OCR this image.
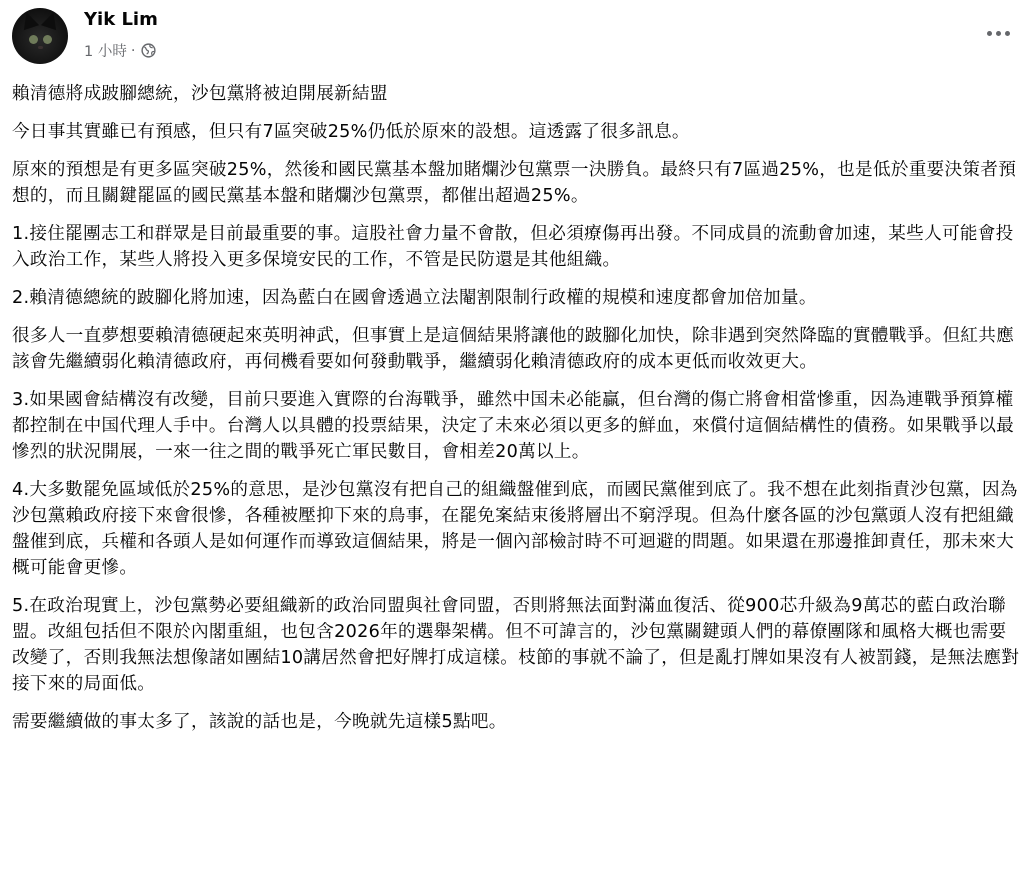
Yik Lim
1 小時 ·

賴清德將成跛腳總統，沙包黨將被迫開展新結盟

今日事其實雖已有預感，但只有7區突破25%仍低於原來的設想。這透露了很多訊息。

原來的預想是有更多區突破25%，然後和國民黨基本盤加賭爛沙包黨票一決勝負。最終只有7區過25%，也是低於重要決策者預想的，而且關鍵罷區的國民黨基本盤和賭爛沙包黨票，都催出超過25%。

1.接住罷團志工和群眾是目前最重要的事。這股社會力量不會散，但必須療傷再出發。不同成員的流動會加速，某些人可能會投入政治工作，某些人將投入更多保境安民的工作，不管是民防還是其他組織。

2.賴清德總統的跛腳化將加速，因為藍白在國會透過立法閹割限制行政權的規模和速度都會加倍加量。

很多人一直夢想要賴清德硬起來英明神武，但事實上是這個結果將讓他的跛腳化加快，除非遇到突然降臨的實體戰爭。但紅共應該會先繼續弱化賴清德政府，再伺機看要如何發動戰爭，繼續弱化賴清德政府的成本更低而收效更大。

3.如果國會結構沒有改變，目前只要進入實際的台海戰爭，雖然中国未必能贏，但台灣的傷亡將會相當慘重，因為連戰爭預算權都控制在中国代理人手中。台灣人以具體的投票結果，決定了未來必須以更多的鮮血，來償付這個結構性的債務。如果戰爭以最慘烈的狀況開展，一來一往之間的戰爭死亡軍民數目，會相差20萬以上。

4.大多數罷免區域低於25%的意思，是沙包黨沒有把自己的組織盤催到底，而國民黨催到底了。我不想在此刻指責沙包黨，因為沙包黨賴政府接下來會很慘，各種被壓抑下來的鳥事，在罷免案結束後將層出不窮浮現。但為什麼各區的沙包黨頭人沒有把組織盤催到底，兵權和各頭人是如何運作而導致這個結果，將是一個內部檢討時不可迴避的問題。如果還在那邊推卸責任，那未來大概可能會更慘。

5.在政治現實上，沙包黨勢必要組織新的政治同盟與社會同盟，否則將無法面對滿血復活、從900芯升級為9萬芯的藍白政治聯盟。改組包括但不限於內閣重組，也包含2026年的選舉架構。但不可諱言的，沙包黨關鍵頭人們的幕僚團隊和風格大概也需要改變了，否則我無法想像諸如團結10講居然會把好牌打成這樣。枝節的事就不論了，但是亂打牌如果沒有人被罰錢，是無法應對接下來的局面低。

需要繼續做的事太多了，該說的話也是，今晚就先這樣5點吧。
